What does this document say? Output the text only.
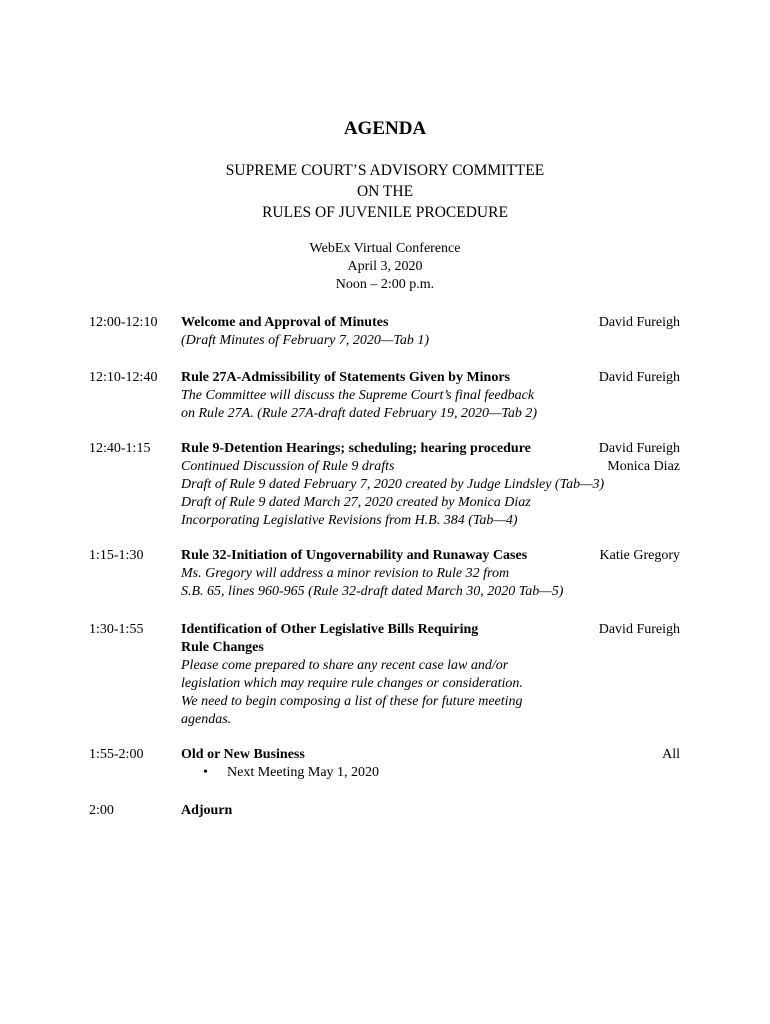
AGENDA
SUPREME COURT’S ADVISORY COMMITTEE
ON THE
RULES OF JUVENILE PROCEDURE
WebEx Virtual Conference
April 3, 2020
Noon – 2:00 p.m.
12:00-12:10 Welcome and Approval of Minutes
(Draft Minutes of February 7, 2020—Tab 1)
David Fureigh
12:10-12:40 Rule 27A-Admissibility of Statements Given by Minors
The Committee will discuss the Supreme Court’s final feedback
on Rule 27A. (Rule 27A-draft dated February 19, 2020—Tab 2)
David Fureigh
12:40-1:15 Rule 9-Detention Hearings; scheduling; hearing procedure
Continued Discussion of Rule 9 drafts
Draft of Rule 9 dated February 7, 2020 created by Judge Lindsley (Tab—3)
Draft of Rule 9 dated March 27, 2020 created by Monica Diaz
Incorporating Legislative Revisions from H.B. 384 (Tab—4)
David Fureigh
Monica Diaz
1:15-1:30	Rule 32-Initiation of Ungovernability and Runaway Cases
Ms. Gregory will address a minor revision to Rule 32 from
S.B. 65, lines 960-965 (Rule 32-draft dated March 30, 2020 Tab—5)
Katie Gregory
1:30-1:55	Identification of Other Legislative Bills Requiring
Rule Changes
Please come prepared to share any recent case law and/or
legislation which may require rule changes or consideration.
We need to begin composing a list of these for future meeting
agendas.
David Fureigh
1:55-2:00	Old or New Business
• Next Meeting May 1, 2020
All
2:00	Adjourn
